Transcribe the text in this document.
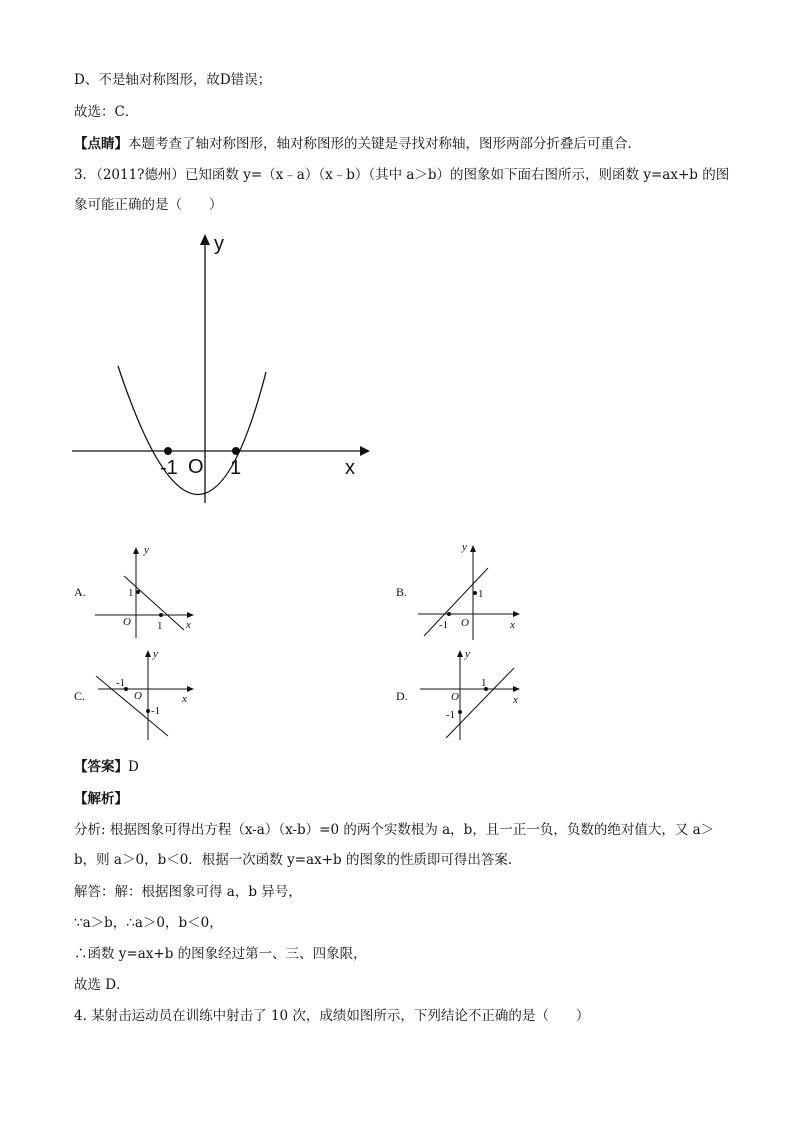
D、不是轴对称图形，故D错误；
故选：C．
【点睛】本题考查了轴对称图形，轴对称图形的关键是寻找对称轴，图形两部分折叠后可重合．
3．（2011?德州）已知函数 y=（x﹣a）（x﹣b）（其中 a＞b）的图象如下面右图所示，则函数 y=ax+b 的图
象可能正确的是（　　）
y
x
O
-1	1
A.
y
x
O
1
1
B.
y
x
O
1
-1
C.
y
x
O
-1
-1
D.
y
x
O
1
-1
【答案】D
【解析】
分析: 根据图象可得出方程（x-a）（x-b）=0 的两个实数根为 a，b，且一正一负，负数的绝对值大，又 a＞
b，则 a＞0，b＜0．根据一次函数 y=ax+b 的图象的性质即可得出答案．
解答：解：根据图象可得 a，b 异号，
∵a＞b，∴a＞0，b＜0，
∴函数 y=ax+b 的图象经过第一、三、四象限，
故选 D．
4. 某射击运动员在训练中射击了 10 次，成绩如图所示，下列结论不正确的是（　　）
